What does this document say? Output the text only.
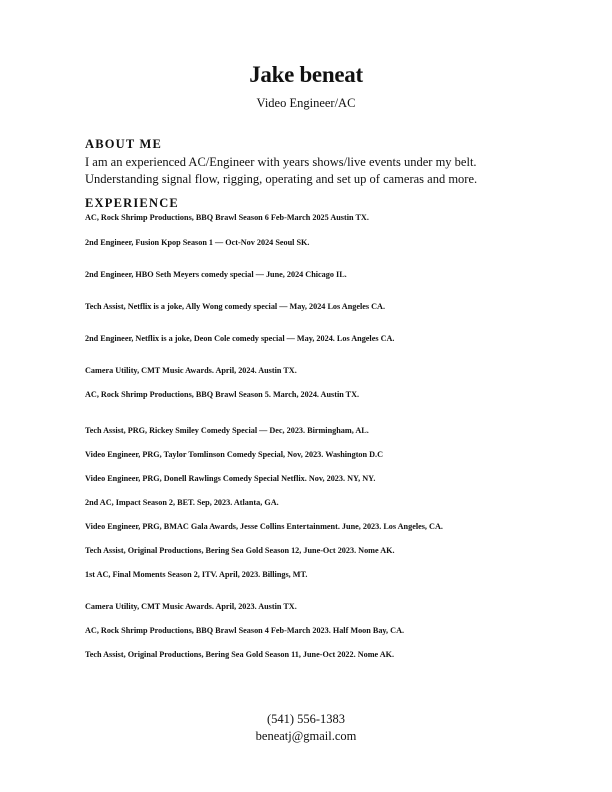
Jake beneat

Video Engineer/AC

ABOUT ME

I am an experienced AC/Engineer with years shows/live events under my belt. Understanding signal flow, rigging, operating and set up of cameras and more.

EXPERIENCE

AC, Rock Shrimp Productions, BBQ Brawl Season 6 Feb-March 2025 Austin TX.

2nd Engineer, Fusion Kpop Season 1 — Oct-Nov 2024 Seoul SK.

2nd Engineer, HBO Seth Meyers comedy special — June, 2024 Chicago IL.

Tech Assist, Netflix is a joke, Ally Wong comedy special — May, 2024 Los Angeles CA.

2nd Engineer, Netflix is a joke, Deon Cole comedy special — May, 2024. Los Angeles CA.

Camera Utility, CMT Music Awards. April, 2024. Austin TX.

AC, Rock Shrimp Productions, BBQ Brawl Season 5. March, 2024. Austin TX.

Tech Assist, PRG, Rickey Smiley Comedy Special — Dec, 2023. Birmingham, AL.

Video Engineer, PRG, Taylor Tomlinson Comedy Special, Nov, 2023. Washington D.C

Video Engineer, PRG, Donell Rawlings Comedy Special Netflix. Nov, 2023. NY, NY.

2nd AC, Impact Season 2, BET. Sep, 2023. Atlanta, GA.

Video Engineer, PRG, BMAC Gala Awards, Jesse Collins Entertainment. June, 2023. Los Angeles, CA.

Tech Assist, Original Productions, Bering Sea Gold Season 12, June-Oct 2023. Nome AK.

1st AC, Final Moments Season 2, ITV. April, 2023. Billings, MT.

Camera Utility, CMT Music Awards. April, 2023. Austin TX.

AC, Rock Shrimp Productions, BBQ Brawl Season 4 Feb-March 2023. Half Moon Bay, CA.

Tech Assist, Original Productions, Bering Sea Gold Season 11, June-Oct 2022. Nome AK.

(541) 556-1383

beneatj@gmail.com
